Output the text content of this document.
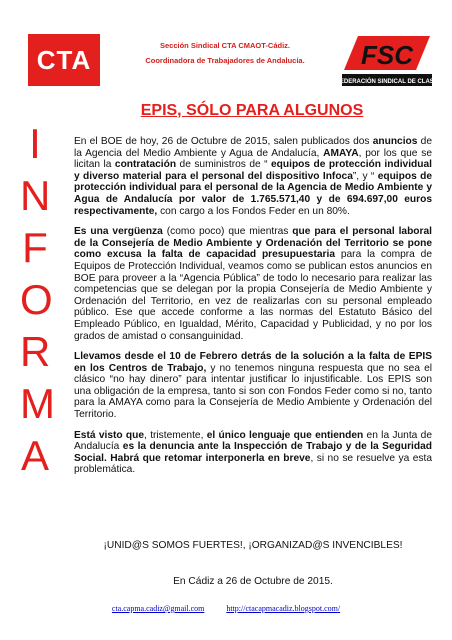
CTA	Sección Sindical CTA CMAOT-Cádiz.
Coordinadora de Trabajadores de Andalucía.	FSC
FEDERACIÓN SINDICAL DE CLASE
I
N
F
O
R
M
A
EPIS, SÓLO PARA ALGUNOS

En el BOE de hoy, 26 de Octubre de 2015, salen publicados dos anuncios de la Agencia del Medio Ambiente y Agua de Andalucía, AMAYA, por los que se licitan la contratación de suministros de “ equipos de protección individual y diverso material para el personal del dispositivo Infoca”, y “ equipos de protección individual para el personal de la Agencia de Medio Ambiente y Agua de Andalucía por valor de 1.765.571,40 y de 694.697,00 euros respectivamente, con cargo a los Fondos Feder en un 80%.

Es una vergüenza (como poco) que mientras que para el personal laboral de la Consejería de Medio Ambiente y Ordenación del Territorio se pone como excusa la falta de capacidad presupuestaria para la compra de Equipos de Protección Individual, veamos como se publican estos anuncios en BOE para proveer a la “Agencia Pública” de todo lo necesario para realizar las competencias que se delegan por la propia Consejería de Medio Ambiente y Ordenación del Territorio, en vez de realizarlas con su personal empleado público. Ese que accede conforme a las normas del Estatuto Básico del Empleado Público, en Igualdad, Mérito, Capacidad y Publicidad, y no por los grados de amistad o consanguinidad.

Llevamos desde el 10 de Febrero detrás de la solución a la falta de EPIS en los Centros de Trabajo, y no tenemos ninguna respuesta que no sea el clásico “no hay dinero” para intentar justificar lo injustificable. Los EPIS son una obligación de la empresa, tanto si son con Fondos Feder como si no, tanto para la AMAYA como para la Consejería de Medio Ambiente y Ordenación del Territorio.

Está visto que, tristemente, el único lenguaje que entienden en la Junta de Andalucía es la denuncia ante la Inspección de Trabajo y de la Seguridad Social. Habrá que retomar interponerla en breve, si no se resuelve ya esta problemática.

¡UNID@S SOMOS FUERTES!, ¡ORGANIZAD@S INVENCIBLES!
En Cádiz a 26 de Octubre de 2015.
cta.capma.cadiz@gmail.com	http://ctacapmacadiz.blogspot.com/
